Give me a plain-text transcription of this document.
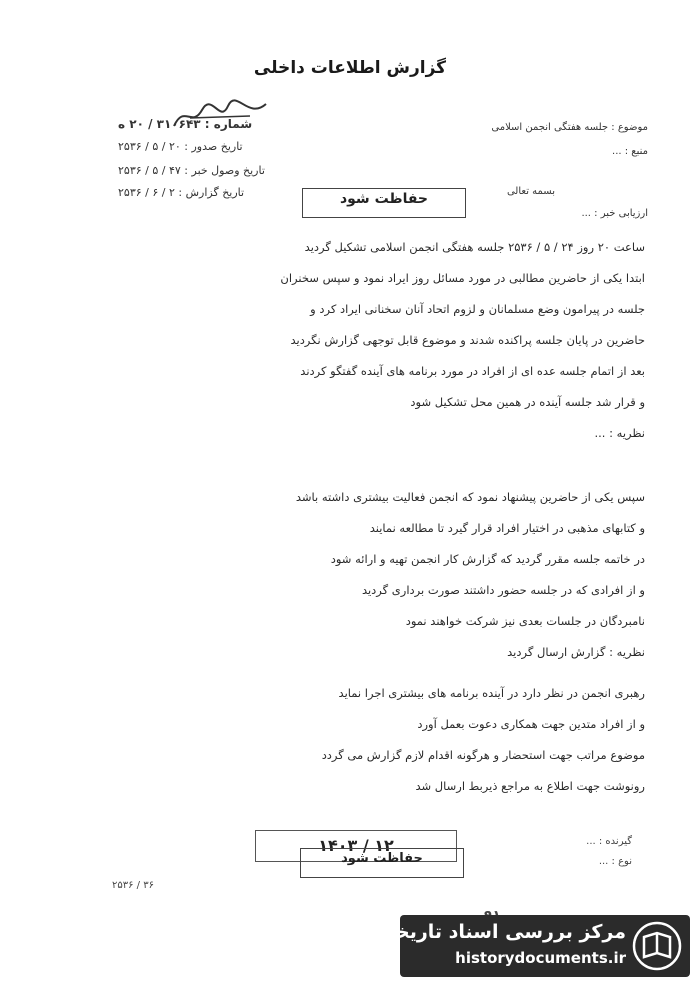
گزارش اطلاعات داخلی
موضوع : جلسه هفتگی انجمن اسلامی
منبع : ...
ارزیابی خبر : ...
شماره : ۳۱۰۶۴۳ / ۲۰ ه
تاریخ صدور : ۲۰ / ۵ / ۲۵۳۶
تاریخ وصول خبر : ۴۷ / ۵ / ۲۵۳۶
تاریخ گزارش : ۲ / ۶ / ۲۵۳۶	حفاظت شود	بسمه تعالی
ساعت ۲۰ روز ۲۴ / ۵ / ۲۵۳۶ جلسه هفتگی انجمن اسلامی تشکیل گردید
ابتدا یکی از حاضرین مطالبی در مورد مسائل روز ایراد نمود و سپس سخنران
جلسه در پیرامون وضع مسلمانان و لزوم اتحاد آنان سخنانی ایراد کرد و
حاضرین در پایان جلسه پراکنده شدند و موضوع قابل توجهی گزارش نگردید
بعد از اتمام جلسه عده ای از افراد در مورد برنامه های آینده گفتگو کردند
و قرار شد جلسه آینده در همین محل تشکیل شود
نظریه : ...
سپس یکی از حاضرین پیشنهاد نمود که انجمن فعالیت بیشتری داشته باشد
و کتابهای مذهبی در اختیار افراد قرار گیرد تا مطالعه نمایند
در خاتمه جلسه مقرر گردید که گزارش کار انجمن تهیه و ارائه شود
و از افرادی که در جلسه حضور داشتند صورت برداری گردید
نامبردگان در جلسات بعدی نیز شرکت خواهند نمود
نظریه : گزارش ارسال گردید
رهبری انجمن در نظر دارد در آینده برنامه های بیشتری اجرا نماید
و از افراد متدین جهت همکاری دعوت بعمل آورد
موضوع مراتب جهت استحضار و هرگونه اقدام لازم گزارش می گردد
رونوشت جهت اطلاع به مراجع ذیربط ارسال شد
۱۴۰۳ / ۱۲
حفاظت شود
۳۶ / ۲۵۳۶
گیرنده : ...
نوع : ...
مرکز بررسی اسناد تاریخی
historydocuments.ir
